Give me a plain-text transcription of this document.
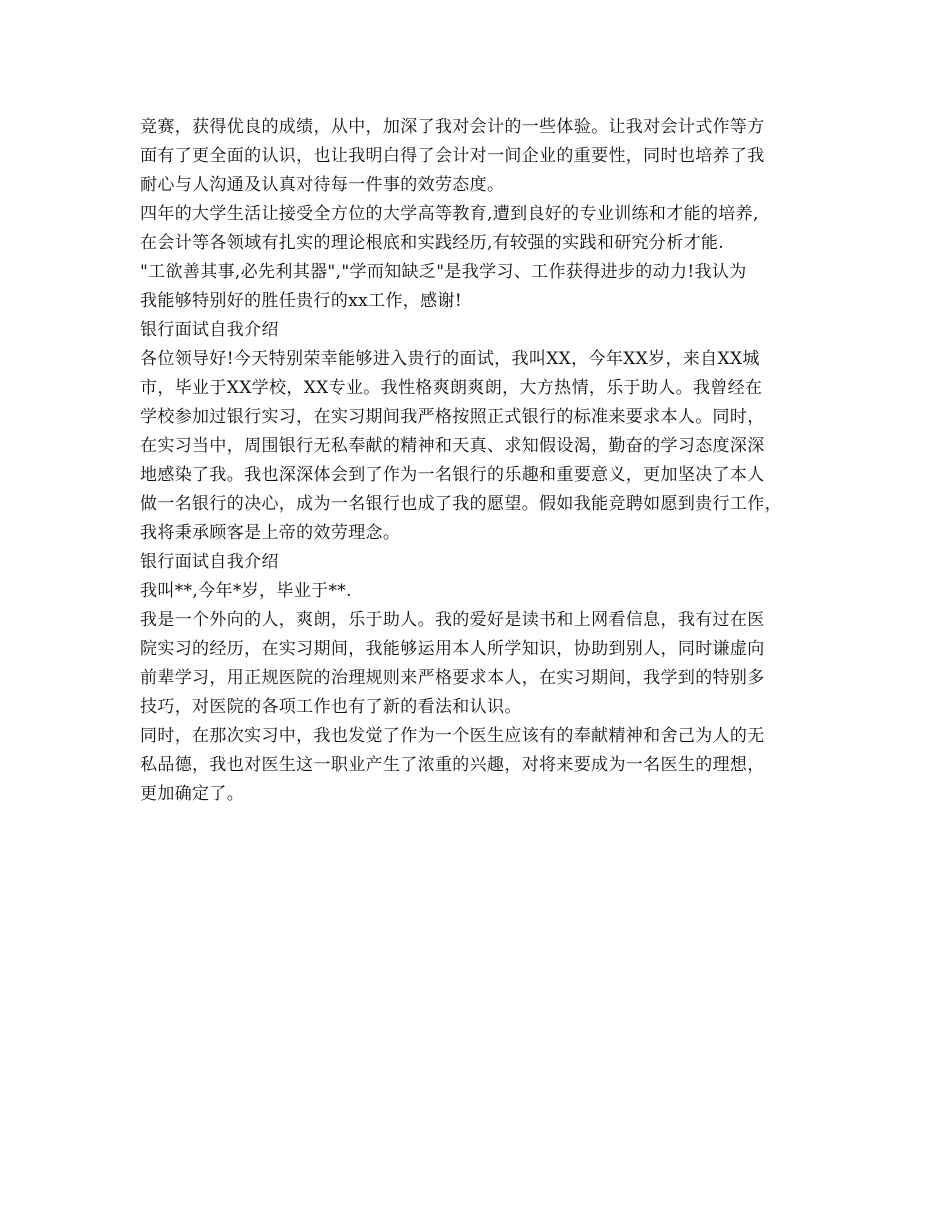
竞赛，获得优良的成绩，从中，加深了我对会计的一些体验。让我对会计式作等方
面有了更全面的认识，也让我明白得了会计对一间企业的重要性，同时也培养了我
耐心与人沟通及认真对待每一件事的效劳态度。
四年的大学生活让接受全方位的大学高等教育,遭到良好的专业训练和才能的培养,
在会计等各领域有扎实的理论根底和实践经历,有较强的实践和研究分析才能.
"工欲善其事,必先利其器","学而知缺乏"是我学习、工作获得进步的动力!我认为
我能够特别好的胜任贵行的xx工作，感谢!
银行面试自我介绍
各位领导好!今天特别荣幸能够进入贵行的面试，我叫XX，今年XX岁，来自XX城
市，毕业于XX学校，XX专业。我性格爽朗爽朗，大方热情，乐于助人。我曾经在
学校参加过银行实习，在实习期间我严格按照正式银行的标准来要求本人。同时，
在实习当中，周围银行无私奉献的精神和天真、求知假设渴，勤奋的学习态度深深
地感染了我。我也深深体会到了作为一名银行的乐趣和重要意义，更加坚决了本人
做一名银行的决心，成为一名银行也成了我的愿望。假如我能竞聘如愿到贵行工作，
我将秉承顾客是上帝的效劳理念。
银行面试自我介绍
我叫**,今年*岁，毕业于**.
我是一个外向的人，爽朗，乐于助人。我的爱好是读书和上网看信息，我有过在医
院实习的经历，在实习期间，我能够运用本人所学知识，协助到别人，同时谦虚向
前辈学习，用正规医院的治理规则来严格要求本人，在实习期间，我学到的特别多
技巧，对医院的各项工作也有了新的看法和认识。
同时，在那次实习中，我也发觉了作为一个医生应该有的奉献精神和舍己为人的无
私品德，我也对医生这一职业产生了浓重的兴趣，对将来要成为一名医生的理想，
更加确定了。
